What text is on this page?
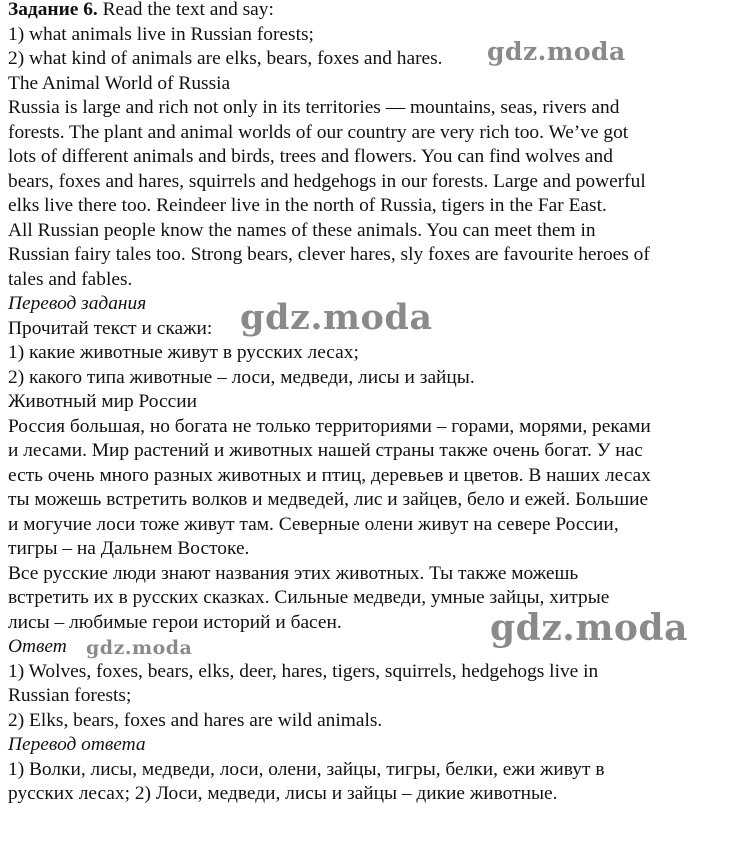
Задание 6. Read the text and say:
1) what animals live in Russian forests;
2) what kind of animals are elks, bears, foxes and hares.
The Animal World of Russia
Russia is large and rich not only in its territories — mountains, seas, rivers and
forests. The plant and animal worlds of our country are very rich too. We’ve got
lots of different animals and birds, trees and flowers. You can find wolves and
bears, foxes and hares, squirrels and hedgehogs in our forests. Large and powerful
elks live there too. Reindeer live in the north of Russia, tigers in the Far East.
All Russian people know the names of these animals. You can meet them in
Russian fairy tales too. Strong bears, clever hares, sly foxes are favourite heroes of
tales and fables.
Перевод задания
Прочитай текст и скажи:
1) какие животные живут в русских лесах;
2) какого типа животные – лоси, медведи, лисы и зайцы.
Животный мир России
Россия большая, но богата не только территориями – горами, морями, реками
и лесами. Мир растений и животных нашей страны также очень богат. У нас
есть очень много разных животных и птиц, деревьев и цветов. В наших лесах
ты можешь встретить волков и медведей, лис и зайцев, бело и ежей. Большие
и могучие лоси тоже живут там. Северные олени живут на севере России,
тигры – на Дальнем Востоке.
Все русские люди знают названия этих животных. Ты также можешь
встретить их в русских сказках. Сильные медведи, умные зайцы, хитрые
лисы – любимые герои историй и басен.
Ответ
1) Wolves, foxes, bears, elks, deer, hares, tigers, squirrels, hedgehogs live in
Russian forests;
2) Elks, bears, foxes and hares are wild animals.
Перевод ответа
1) Волки, лисы, медведи, лоси, олени, зайцы, тигры, белки, ежи живут в
русских лесах; 2) Лоси, медведи, лисы и зайцы – дикие животные.
gdz.moda
gdz.moda
gdz.moda
gdz.moda
